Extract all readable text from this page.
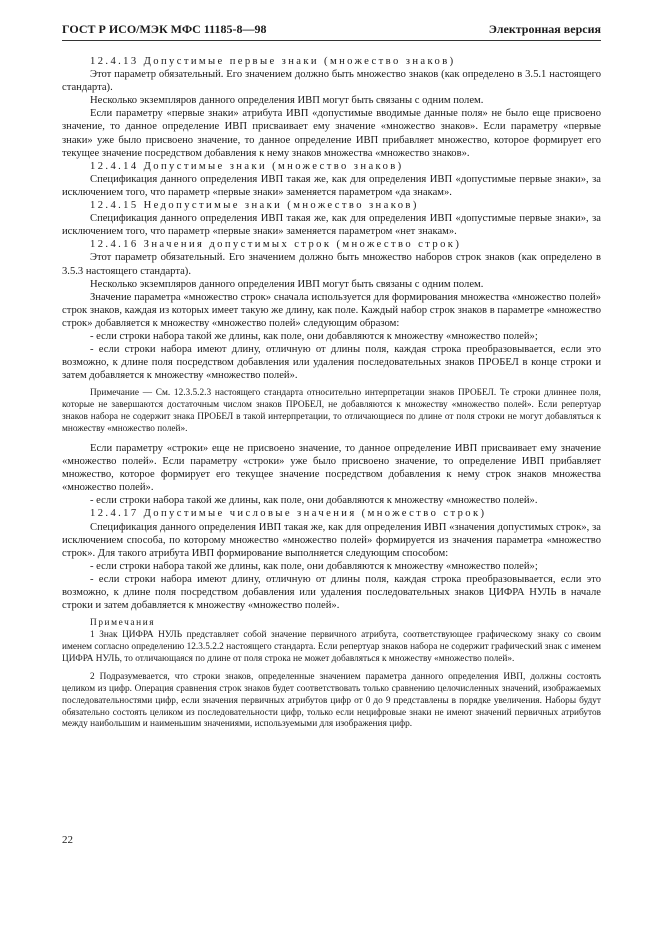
ГОСТ Р ИСО/МЭК МФС 11185-8—98	Электронная версия

12.4.13 Допустимые первые знаки (множество знаков)

Этот параметр обязательный. Его значением должно быть множество знаков (как определено в 3.5.1 настоящего стандарта).

Несколько экземпляров данного определения ИВП могут быть связаны с одним полем.

Если параметру «первые знаки» атрибута ИВП «допустимые вводимые данные поля» не было еще присвоено значение, то данное определение ИВП присваивает ему значение «множество знаков». Если параметру «первые знаки» уже было присвоено значение, то данное определение ИВП прибавляет множество, которое формирует его текущее значение посредством добавления к нему знаков множества «множество знаков».

12.4.14 Допустимые знаки (множество знаков)

Спецификация данного определения ИВП такая же, как для определения ИВП «допустимые первые знаки», за исключением того, что параметр «первые знаки» заменяется параметром «да знакам».

12.4.15 Недопустимые знаки (множество знаков)

Спецификация данного определения ИВП такая же, как для определения ИВП «допустимые первые знаки», за исключением того, что параметр «первые знаки» заменяется параметром «нет знакам».

12.4.16 Значения допустимых строк (множество строк)

Этот параметр обязательный. Его значением должно быть множество наборов строк знаков (как определено в 3.5.3 настоящего стандарта).

Несколько экземпляров данного определения ИВП могут быть связаны с одним полем.

Значение параметра «множество строк» сначала используется для формирования множества «множество полей» строк знаков, каждая из которых имеет такую же длину, как поле. Каждый набор строк знаков в параметре «множество строк» добавляется к множеству «множество полей» следующим образом:

- если строки набора такой же длины, как поле, они добавляются к множеству «множество полей»;

- если строки набора имеют длину, отличную от длины поля, каждая строка преобразовывается, если это возможно, к длине поля посредством добавления или удаления последовательных знаков ПРОБЕЛ в конце строки и затем добавляется к множеству «множество полей».

Примечание — См. 12.3.5.2.3 настоящего стандарта относительно интерпретации знаков ПРОБЕЛ. Те строки длиннее поля, которые не завершаются достаточным числом знаков ПРОБЕЛ, не добавляются к множеству «множество полей». Если репертуар знаков набора не содержит знака ПРОБЕЛ в такой интерпретации, то отличающиеся по длине от поля строки не могут добавляться к множеству «множество полей».

Если параметру «строки» еще не присвоено значение, то данное определение ИВП присваивает ему значение «множество полей». Если параметру «строки» уже было присвоено значение, то определение ИВП прибавляет множество, которое формирует его текущее значение посредством добавления к нему строк знаков множества «множество полей».

- если строки набора такой же длины, как поле, они добавляются к множеству «множество полей».

12.4.17 Допустимые числовые значения (множество строк)

Спецификация данного определения ИВП такая же, как для определения ИВП «значения допустимых строк», за исключением способа, по которому множество «множество полей» формируется из значения параметра «множество строк». Для такого атрибута ИВП формирование выполняется следующим способом:

- если строки набора такой же длины, как поле, они добавляются к множеству «множество полей»;

- если строки набора имеют длину, отличную от длины поля, каждая строка преобразовывается, если это возможно, к длине поля посредством добавления или удаления последовательных знаков ЦИФРА НУЛЬ в начале строки и затем добавляется к множеству «множество полей».

Примечания

1 Знак ЦИФРА НУЛЬ представляет собой значение первичного атрибута, соответствующее графическому знаку со своим именем согласно определению 12.3.5.2.2 настоящего стандарта. Если репертуар знаков набора не содержит графический знак с именем ЦИФРА НУЛЬ, то отличающаяся по длине от поля строка не может добавляться к множеству «множество полей».

2 Подразумевается, что строки знаков, определенные значением параметра данного определения ИВП, должны состоять целиком из цифр. Операция сравнения строк знаков будет соответствовать только сравнению целочисленных значений, изображаемых последовательностями цифр, если значения первичных атрибутов цифр от 0 до 9 представлены в порядке увеличения. Наборы будут обязательно состоять целиком из последовательности цифр, только если нецифровые знаки не имеют значений первичных атрибутов между наибольшим и наименьшим значениями, используемыми для изображения цифр.

22
